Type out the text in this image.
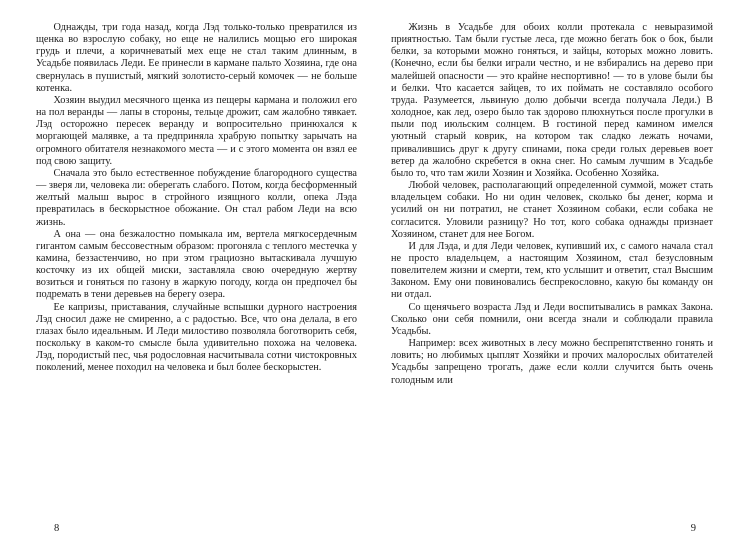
Однажды, три года назад, когда Лэд только-только превратился из щенка во взрослую собаку, но еще не налились мощью его широкая грудь и плечи, а коричневатый мех еще не стал таким длинным, в Усадьбе появилась Леди. Ее принесли в кармане пальто Хозяина, где она свернулась в пушистый, мягкий золотисто-серый комочек — не больше котенка.

Хозяин выудил месячного щенка из пещеры кармана и положил его на пол веранды — лапы в стороны, тельце дрожит, сам жалобно тявкает. Лэд осторожно пересек веранду и вопросительно принюхался к моргающей малявке, а та предприняла храбрую попытку зарычать на огромного обитателя незнакомого места — и с этого момента он взял ее под свою защиту.

Сначала это было естественное побуждение благородного существа — зверя ли, человека ли: оберегать слабого. Потом, когда бесформенный желтый малыш вырос в стройного изящного колли, опека Лэда превратилась в бескорыстное обожание. Он стал рабом Леди на всю жизнь.

А она — она безжалостно помыкала им, вертела мягкосердечным гигантом самым бессовестным образом: прогоняла с теплого местечка у камина, беззастенчиво, но при этом грациозно вытаскивала лучшую косточку из их общей миски, заставляла свою очередную жертву возиться и гоняться по газону в жаркую погоду, когда он предпочел бы подремать в тени деревьев на берегу озера.

Ее капризы, приставания, случайные вспышки дурного настроения Лэд сносил даже не смиренно, а с радостью. Все, что она делала, в его глазах было идеальным. И Леди милостиво позволяла боготворить себя, поскольку в каком-то смысле была удивительно похожа на человека. Лэд, породистый пес, чья родословная насчитывала сотни чистокровных поколений, менее походил на человека и был более бескорыстен.

8

Жизнь в Усадьбе для обоих колли протекала с невыразимой приятностью. Там были густые леса, где можно бегать бок о бок, были белки, за которыми можно гоняться, и зайцы, которых можно ловить. (Конечно, если бы белки играли честно, и не взбирались на дерево при малейшей опасности — это крайне неспортивно! — то в улове были бы и белки. Что касается зайцев, то их поймать не составляло особого труда. Разумеется, львиную долю добычи всегда получала Леди.) В холодное, как лед, озеро было так здорово плюхнуться после прогулки в пыли под июльским солнцем. В гостиной перед камином имелся уютный старый коврик, на котором так сладко лежать ночами, привалившись друг к другу спинами, пока среди голых деревьев воет ветер да жалобно скребется в окна снег. Но самым лучшим в Усадьбе было то, что там жили Хозяин и Хозяйка. Особенно Хозяйка.

Любой человек, располагающий определенной суммой, может стать владельцем собаки. Но ни один человек, сколько бы денег, корма и усилий он ни потратил, не станет Хозяином собаки, если собака не согласится. Уловили разницу? Но тот, кого собака однажды признает Хозяином, станет для нее Богом.

И для Лэда, и для Леди человек, купивший их, с самого начала стал не просто владельцем, а настоящим Хозяином, стал безусловным повелителем жизни и смерти, тем, кто услышит и ответит, стал Высшим Законом. Ему они повиновались беспрекословно, какую бы команду он ни отдал.

Со щенячьего возраста Лэд и Леди воспитывались в рамках Закона. Сколько они себя помнили, они всегда знали и соблюдали правила Усадьбы.

Например: всех животных в лесу можно беспрепятственно гонять и ловить; но любимых цыплят Хозяйки и прочих малорослых обитателей Усадьбы запрещено трогать, даже если колли случится быть очень голодным или

9
